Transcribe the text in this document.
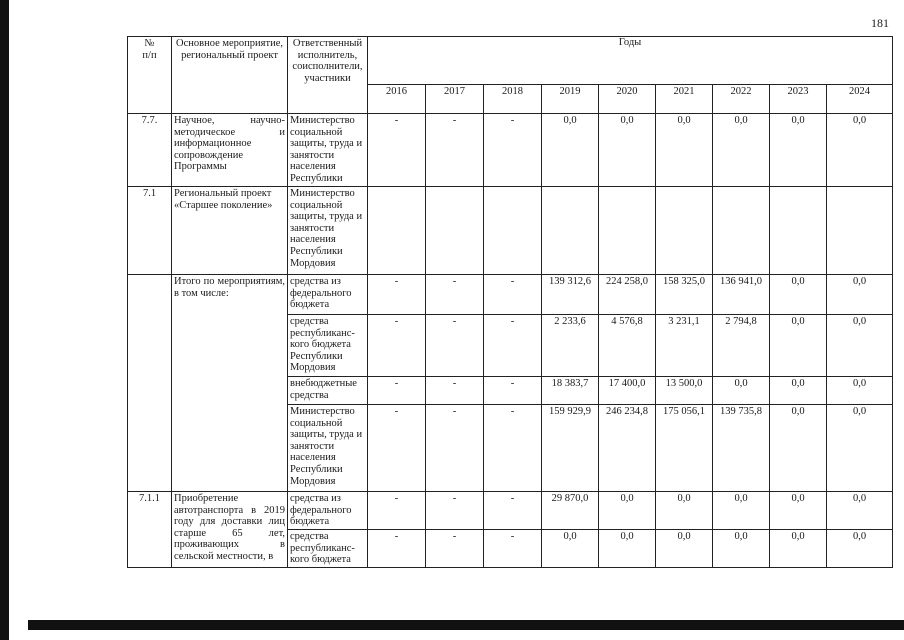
181
№
п/п	Основное мероприятие, региональный проект	Ответственный исполнитель, соисполнители, участники	Годы								
			2016	2017	2018	2019	2020	2021	2022	2023	2024
7.7.	Научное, научно-методическое и информационное сопровождение Программы	Министерство социальной защиты, труда и занятости населения Республики	-	-	-	0,0	0,0	0,0	0,0	0,0	0,0
7.1	Региональный проект «Старшее поколение»	Министерство социальной защиты, труда и занятости населения Республики Мордовия									
	Итого по мероприятиям, в том числе:	средства из федерального бюджета	-	-	-	139 312,6	224 258,0	158 325,0	136 941,0	0,0	0,0
		средства республиканс-кого бюджета Республики Мордовия	-	-	-	2 233,6	4 576,8	3 231,1	2 794,8	0,0	0,0
		внебюджетные средства	-	-	-	18 383,7	17 400,0	13 500,0	0,0	0,0	0,0
		Министерство социальной защиты, труда и занятости населения Республики Мордовия	-	-	-	159 929,9	246 234,8	175 056,1	139 735,8	0,0	0,0
7.1.1	Приобретение автотранспорта в 2019 году для доставки лиц старше 65 лет, проживающих в сельской местности, в	средства из федерального бюджета	-	-	-	29 870,0	0,0	0,0	0,0	0,0	0,0
		средства республиканс-кого бюджета	-	-	-	0,0	0,0	0,0	0,0	0,0	0,0
